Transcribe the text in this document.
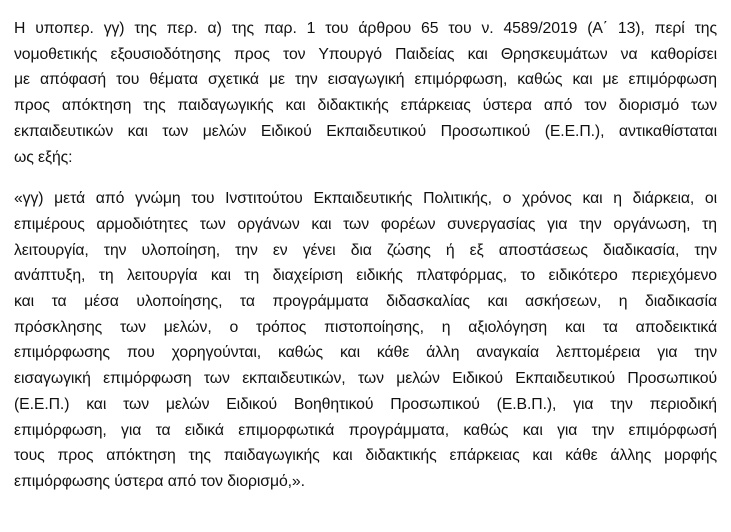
Η υποπερ. γγ) της περ. α) της παρ. 1 του άρθρου 65 του ν. 4589/2019 (Α΄ 13), περί της
νομοθετικής εξουσιοδότησης προς τον Υπουργό Παιδείας και Θρησκευμάτων να καθορίσει
με απόφασή του θέματα σχετικά με την εισαγωγική επιμόρφωση, καθώς και με επιμόρφωση
προς απόκτηση της παιδαγωγικής και διδακτικής επάρκειας ύστερα από τον διορισμό των
εκπαιδευτικών και των μελών Ειδικού Εκπαιδευτικού Προσωπικού (Ε.Ε.Π.), αντικαθίσταται
ως εξής:
«γγ) μετά από γνώμη του Ινστιτούτου Εκπαιδευτικής Πολιτικής, ο χρόνος και η διάρκεια, οι
επιμέρους αρμοδιότητες των οργάνων και των φορέων συνεργασίας για την οργάνωση, τη
λειτουργία, την υλοποίηση, την εν γένει δια ζώσης ή εξ αποστάσεως διαδικασία, την
ανάπτυξη, τη λειτουργία και τη διαχείριση ειδικής πλατφόρμας, το ειδικότερο περιεχόμενο
και τα μέσα υλοποίησης, τα προγράμματα διδασκαλίας και ασκήσεων, η διαδικασία
πρόσκλησης των μελών, ο τρόπος πιστοποίησης, η αξιολόγηση και τα αποδεικτικά
επιμόρφωσης που χορηγούνται, καθώς και κάθε άλλη αναγκαία λεπτομέρεια για την
εισαγωγική επιμόρφωση των εκπαιδευτικών, των μελών Ειδικού Εκπαιδευτικού Προσωπικού
(Ε.Ε.Π.) και των μελών Ειδικού Βοηθητικού Προσωπικού (Ε.Β.Π.), για την περιοδική
επιμόρφωση, για τα ειδικά επιμορφωτικά προγράμματα, καθώς και για την επιμόρφωσή
τους προς απόκτηση της παιδαγωγικής και διδακτικής επάρκειας και κάθε άλλης μορφής
επιμόρφωσης ύστερα από τον διορισμό,».
